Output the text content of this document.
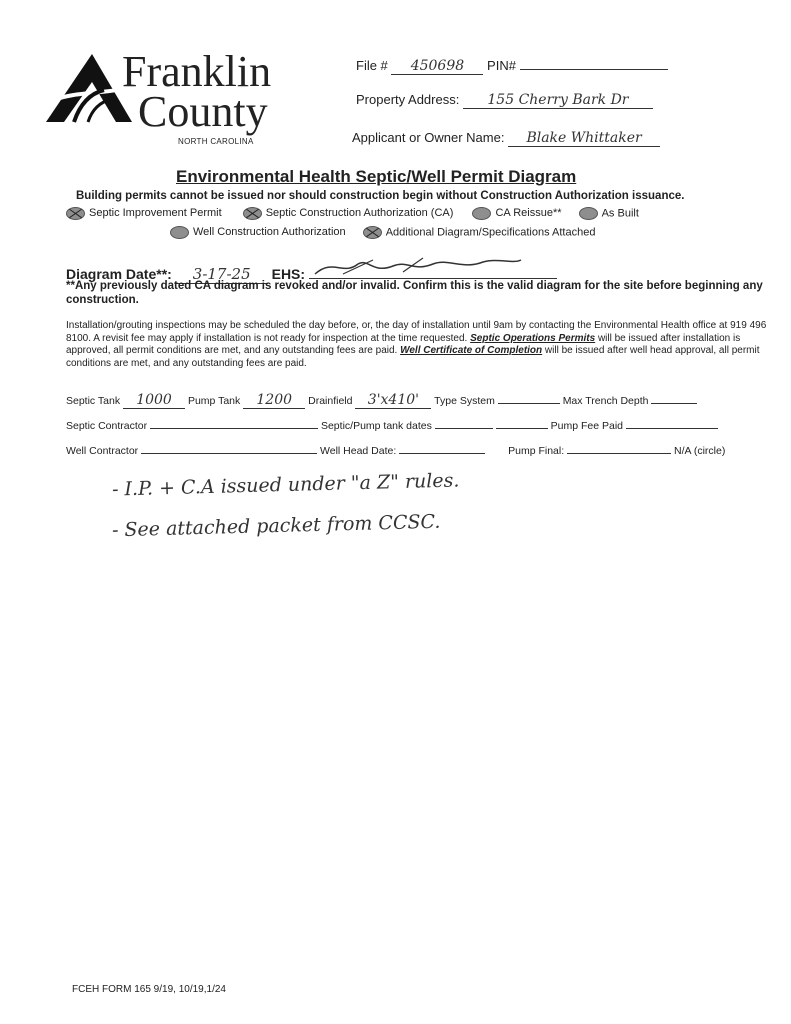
Franklin
County
NORTH CAROLINA
File # 450698 PIN#
Property Address: 155 Cherry Bark Dr
Applicant or Owner Name: Blake Whittaker
Environmental Health Septic/Well Permit Diagram
Building permits cannot be issued nor should construction begin without Construction Authorization issuance.
Septic Improvement Permit	Septic Construction Authorization (CA)	CA Reissue**	As Built
Well Construction Authorization	Additional Diagram/Specifications Attached
Diagram Date**: 3-17-25 EHS:
**Any previously dated CA diagram is revoked and/or invalid. Confirm this is the valid diagram for the site before beginning any construction.
Installation/grouting inspections may be scheduled the day before, or, the day of installation until 9am by contacting the Environmental Health office at 919 496 8100. A revisit fee may apply if installation is not ready for inspection at the time requested. Septic Operations Permits will be issued after installation is approved, all permit conditions are met, and any outstanding fees are paid. Well Certificate of Completion will be issued after well head approval, all permit conditions are met, and any outstanding fees are paid.
Septic Tank 1000 Pump Tank 1200 Drainfield 3'x410' Type System	Max Trench Depth
Septic Contractor	Septic/Pump tank dates	Pump Fee Paid
Well Contractor	Well Head Date:	Pump Final:	N/A (circle)
- I.P. + C.A issued under "a Z" rules.
- See attached packet from CCSC.
FCEH FORM 165 9/19, 10/19,1/24
